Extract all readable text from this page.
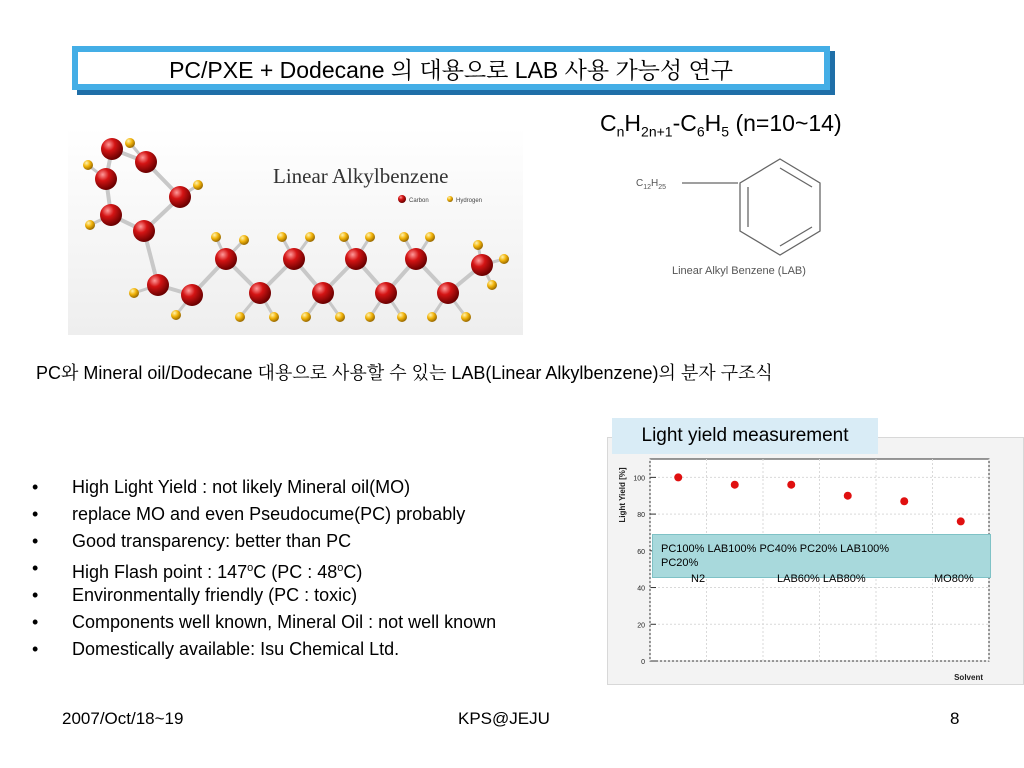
PC/PXE + Dodecane 의 대용으로 LAB 사용 가능성 연구
$C_nH_{2n+1}-C_6H_5$ (n=10~14)
Linear Alkylbenzene
Carbon	Hydrogen
$C_{12}H_{25}$
Linear Alkyl Benzene (LAB)
PC와 Mineral oil/Dodecane 대용으로 사용할 수 있는 LAB(Linear Alkylbenzene)의 분자 구조식
• High Light Yield : not likely Mineral oil(MO)
• replace MO and even Pseudocume(PC) probably
• Good transparency: better than PC
• High Flash point : 147$^o$C (PC : 48$^o$C)
• Environmentally friendly (PC : toxic)
• Components well known, Mineral Oil : not well known
• Domestically available: Isu Chemical Ltd.
0
20
40
60
80
100
Light Yield [%]
Solvent
Light yield measurement
PC100% LAB100% PC40% PC20% LAB100%
PC20%
N2	LAB60% LAB80%	MO80%
2007/Oct/18~19	KPS@JEJU	8
